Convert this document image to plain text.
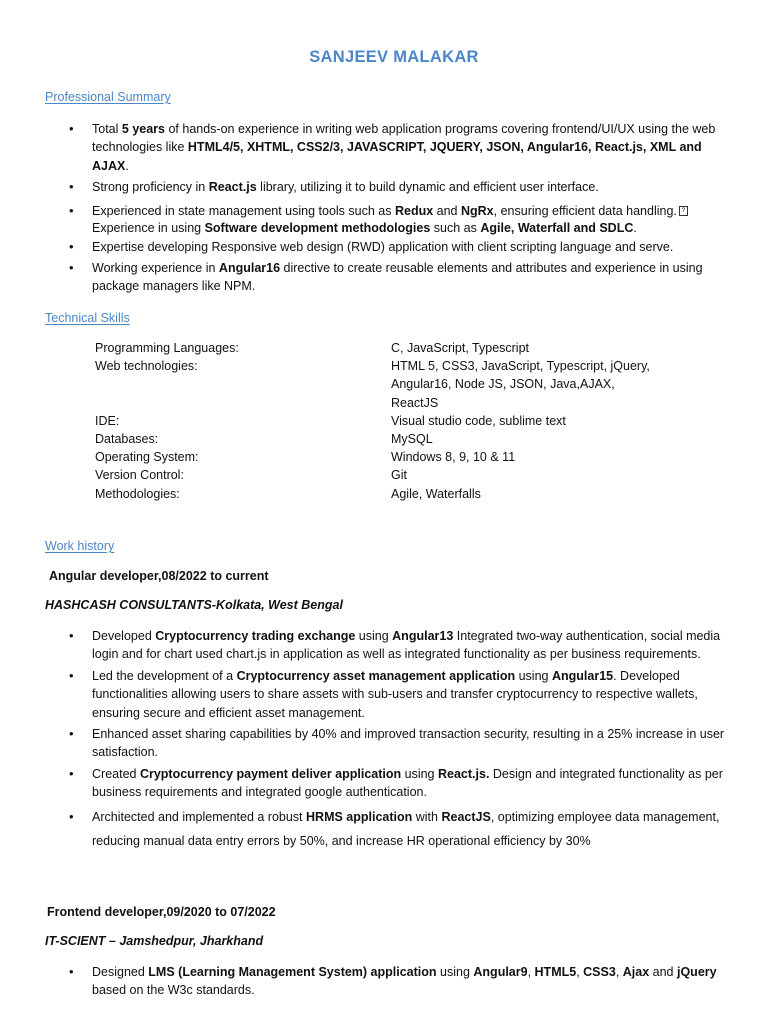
SANJEEV MALAKAR
Professional Summary
• Total 5 years of hands-on experience in writing web application programs covering frontend/UI/UX using the web technologies like HTML4/5, XHTML, CSS2/3, JAVASCRIPT, JQUERY, JSON, Angular16, React.js, XML and AJAX.
• Strong proficiency in React.js library, utilizing it to build dynamic and efficient user interface.
• Experienced in state management using tools such as Redux and NgRx, ensuring efficient data handling. ?
Experience in using Software development methodologies such as Agile, Waterfall and SDLC.
• Expertise developing Responsive web design (RWD) application with client scripting language and serve.
• Working experience in Angular16 directive to create reusable elements and attributes and experience in using package managers like NPM.
Technical Skills
Programming Languages:	C, JavaScript, Typescript
Web technologies:	HTML 5, CSS3, JavaScript, Typescript, jQuery, Angular16, Node JS, JSON, Java,AJAX, ReactJS
IDE:	Visual studio code, sublime text
Databases:	MySQL
Operating System:	Windows 8, 9, 10 & 11
Version Control:	Git
Methodologies:	Agile, Waterfalls
Work history
Angular developer,08/2022 to current
HASHCASH CONSULTANTS-Kolkata, West Bengal
• Developed Cryptocurrency trading exchange using Angular13 Integrated two-way authentication, social media login and for chart used chart.js in application as well as integrated functionality as per business requirements.
• Led the development of a Cryptocurrency asset management application using Angular15. Developed functionalities allowing users to share assets with sub-users and transfer cryptocurrency to respective wallets, ensuring secure and efficient asset management.
• Enhanced asset sharing capabilities by 40% and improved transaction security, resulting in a 25% increase in user satisfaction.
• Created Cryptocurrency payment deliver application using React.js. Design and integrated functionality as per business requirements and integrated google authentication.
• Architected and implemented a robust HRMS application with ReactJS, optimizing employee data management, reducing manual data entry errors by 50%, and increase HR operational efficiency by 30%
Frontend developer,09/2020 to 07/2022
IT-SCIENT – Jamshedpur, Jharkhand
• Designed LMS (Learning Management System) application using Angular9, HTML5, CSS3, Ajax and jQuery based on the W3c standards.
